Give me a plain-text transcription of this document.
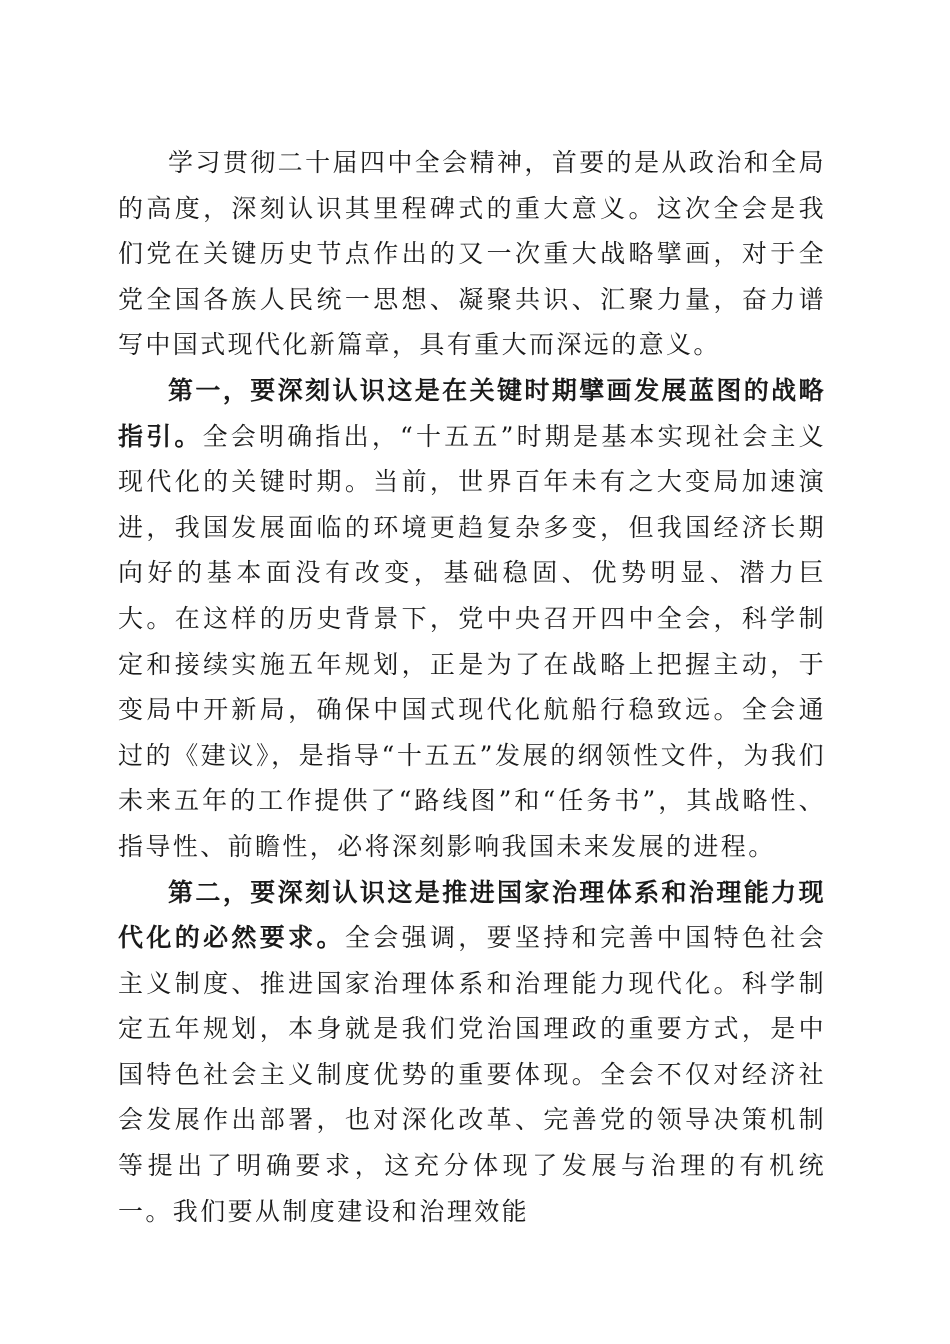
学习贯彻二十届四中全会精神，首要的是从政治和全局的高度，深刻认识其里程碑式的重大意义。这次全会是我们党在关键历史节点作出的又一次重大战略擘画，对于全党全国各族人民统一思想、凝聚共识、汇聚力量，奋力谱写中国式现代化新篇章，具有重大而深远的意义。

第一，要深刻认识这是在关键时期擘画发展蓝图的战略指引。全会明确指出，“十五五”时期是基本实现社会主义现代化的关键时期。当前，世界百年未有之大变局加速演进，我国发展面临的环境更趋复杂多变，但我国经济长期向好的基本面没有改变，基础稳固、优势明显、潜力巨大。在这样的历史背景下，党中央召开四中全会，科学制定和接续实施五年规划，正是为了在战略上把握主动，于变局中开新局，确保中国式现代化航船行稳致远。全会通过的《建议》，是指导“十五五”发展的纲领性文件，为我们未来五年的工作提供了“路线图”和“任务书”，其战略性、指导性、前瞻性，必将深刻影响我国未来发展的进程。

第二，要深刻认识这是推进国家治理体系和治理能力现代化的必然要求。全会强调，要坚持和完善中国特色社会主义制度、推进国家治理体系和治理能力现代化。科学制定五年规划，本身就是我们党治国理政的重要方式，是中国特色社会主义制度优势的重要体现。全会不仅对经济社会发展作出部署，也对深化改革、完善党的领导决策机制等提出了明确要求，这充分体现了发展与治理的有机统一。我们要从制度建设和治理效能
